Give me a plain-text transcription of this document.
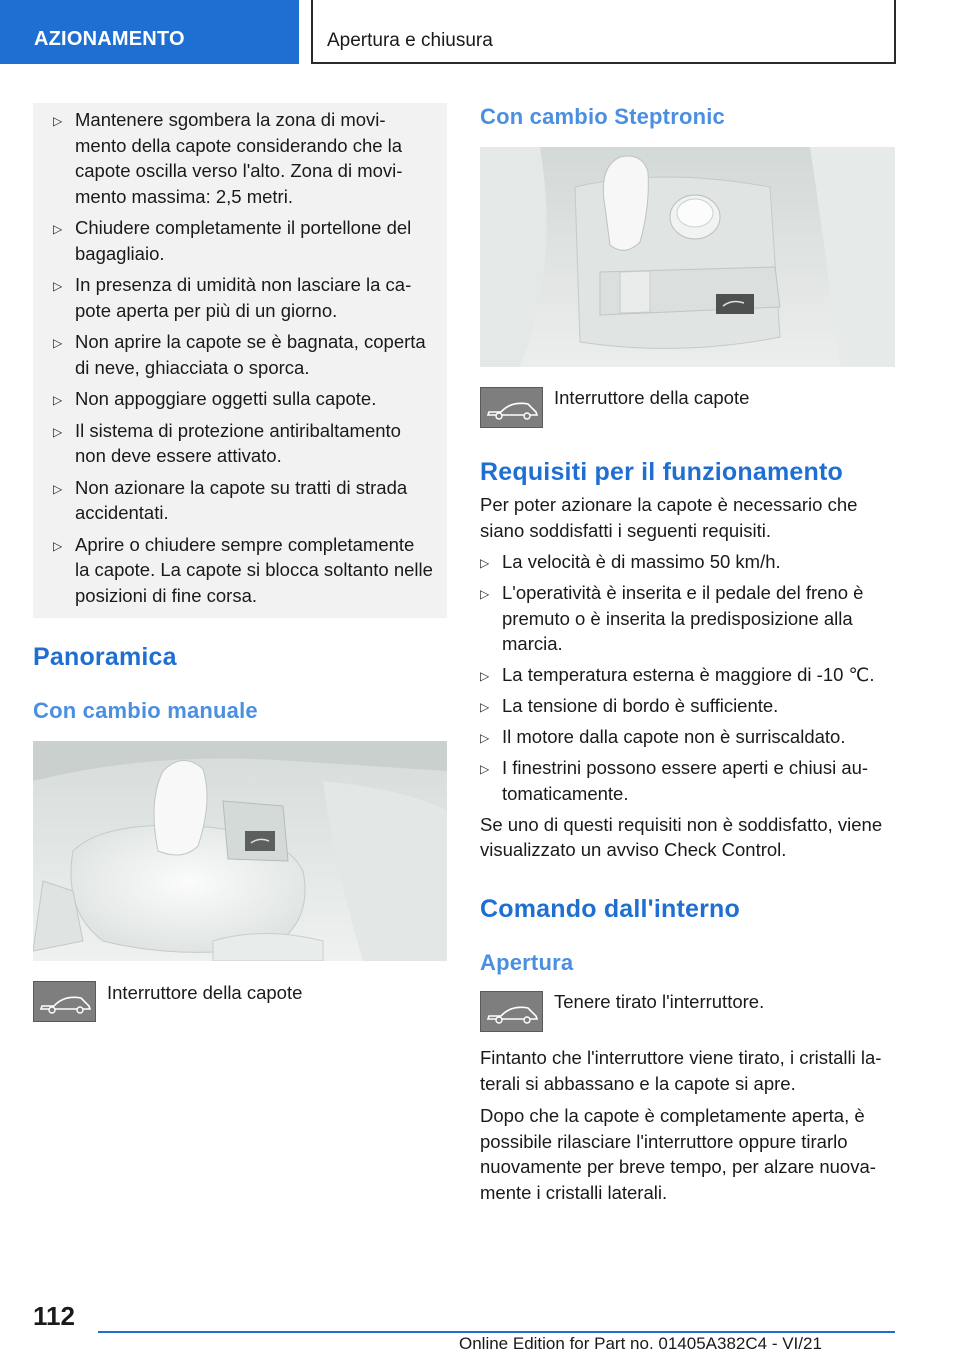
AZIONAMENTO	Apertura e chiusura
▷ Mantenere sgombera la zona di movi-mento della capote considerando che la capote oscilla verso l'alto. Zona di movi-mento massima: 2,5 metri.
▷ Chiudere completamente il portellone del bagagliaio.
▷ In presenza di umidità non lasciare la ca-pote aperta per più di un giorno.
▷ Non aprire la capote se è bagnata, coperta di neve, ghiacciata o sporca.
▷ Non appoggiare oggetti sulla capote.
▷ Il sistema di protezione antiribaltamento non deve essere attivato.
▷ Non azionare la capote su tratti di strada accidentati.
▷ Aprire o chiudere sempre completamente la capote. La capote si blocca soltanto nelle posizioni di fine corsa.
Panoramica
Con cambio manuale
Interruttore della capote
Con cambio Steptronic
Interruttore della capote
Requisiti per il funzionamento

Per poter azionare la capote è necessario che siano soddisfatti i seguenti requisiti.

▷ La velocità è di massimo 50 km/h.
▷ L'operatività è inserita e il pedale del freno è premuto o è inserita la predisposizione alla marcia.
▷ La temperatura esterna è maggiore di -10 ℃.
▷ La tensione di bordo è sufficiente.
▷ Il motore dalla capote non è surriscaldato.
▷ I finestrini possono essere aperti e chiusi au-tomaticamente.

Se uno di questi requisiti non è soddisfatto, viene visualizzato un avviso Check Control.

Comando dall'interno
Apertura
Tenere tirato l'interruttore.

Fintanto che l'interruttore viene tirato, i cristalli la-terali si abbassano e la capote si apre.

Dopo che la capote è completamente aperta, è possibile rilasciare l'interruttore oppure tirarlo nuovamente per breve tempo, per alzare nuova-mente i cristalli laterali.

112
Online Edition for Part no. 01405A382C4 - VI/21
